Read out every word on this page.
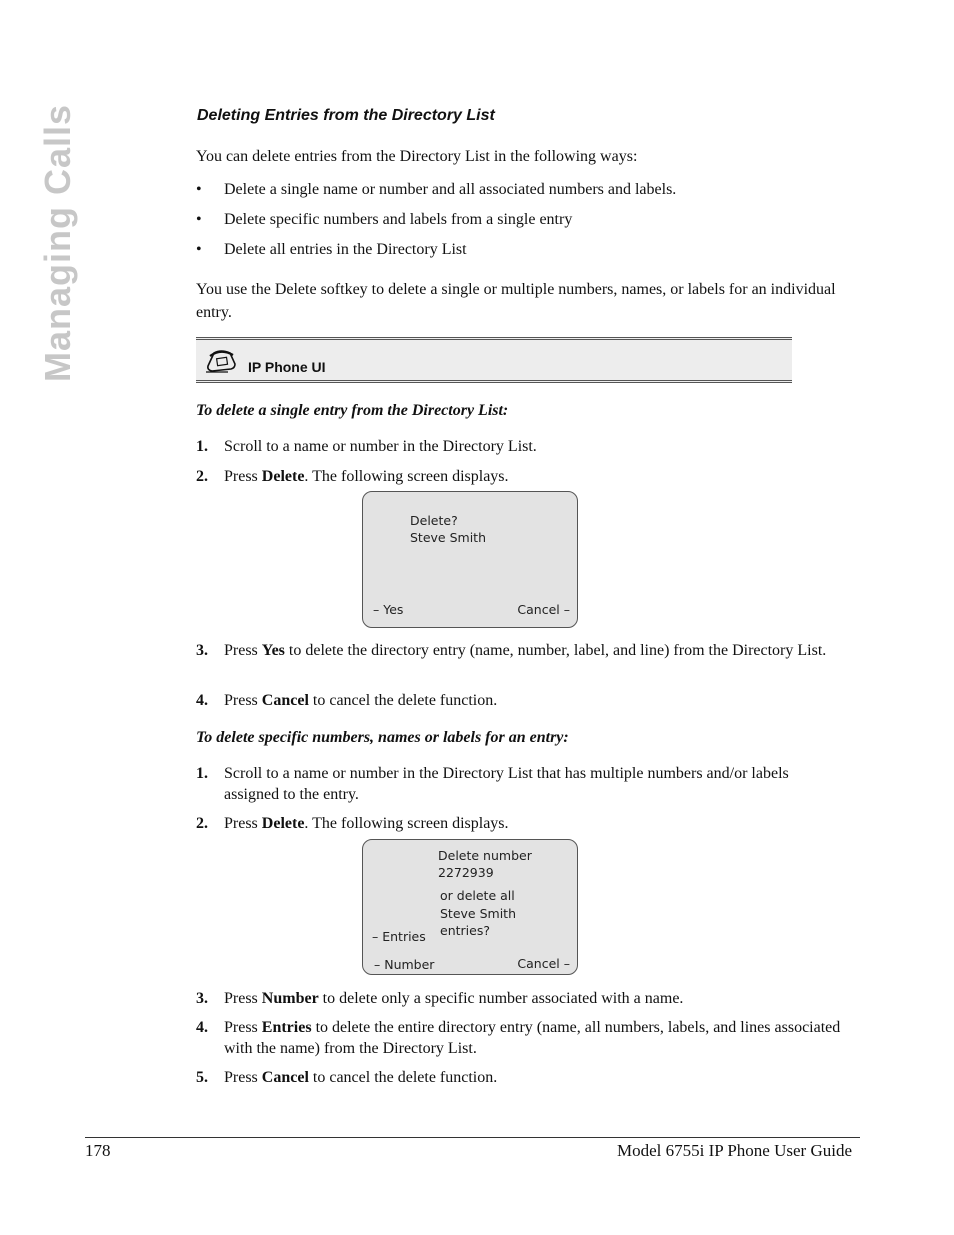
Managing Calls	Deleting Entries from the Directory List
You can delete entries from the Directory List in the following ways:
• Delete a single name or number and all associated numbers and labels.
• Delete specific numbers and labels from a single entry
• Delete all entries in the Directory List
You use the Delete softkey to delete a single or multiple numbers, names, or labels for an individual entry.
IP Phone UI
To delete a single entry from the Directory List:
1. Scroll to a name or number in the Directory List.
2. Press Delete. The following screen displays.
Delete?
Steve Smith
– Yes	Cancel –
3. Press Yes to delete the directory entry (name, number, label, and line) from the Directory List.
4. Press Cancel to cancel the delete function.
To delete specific numbers, names or labels for an entry:
1. Scroll to a name or number in the Directory List that has multiple numbers and/or labels assigned to the entry.
2. Press Delete. The following screen displays.
Delete number
2272939
or delete all
Steve Smith
entries?
– Entries
– Number	Cancel –
3. Press Number to delete only a specific number associated with a name.
4. Press Entries to delete the entire directory entry (name, all numbers, labels, and lines associated with the name) from the Directory List.
5. Press Cancel to cancel the delete function.
178	Model 6755i IP Phone User Guide
